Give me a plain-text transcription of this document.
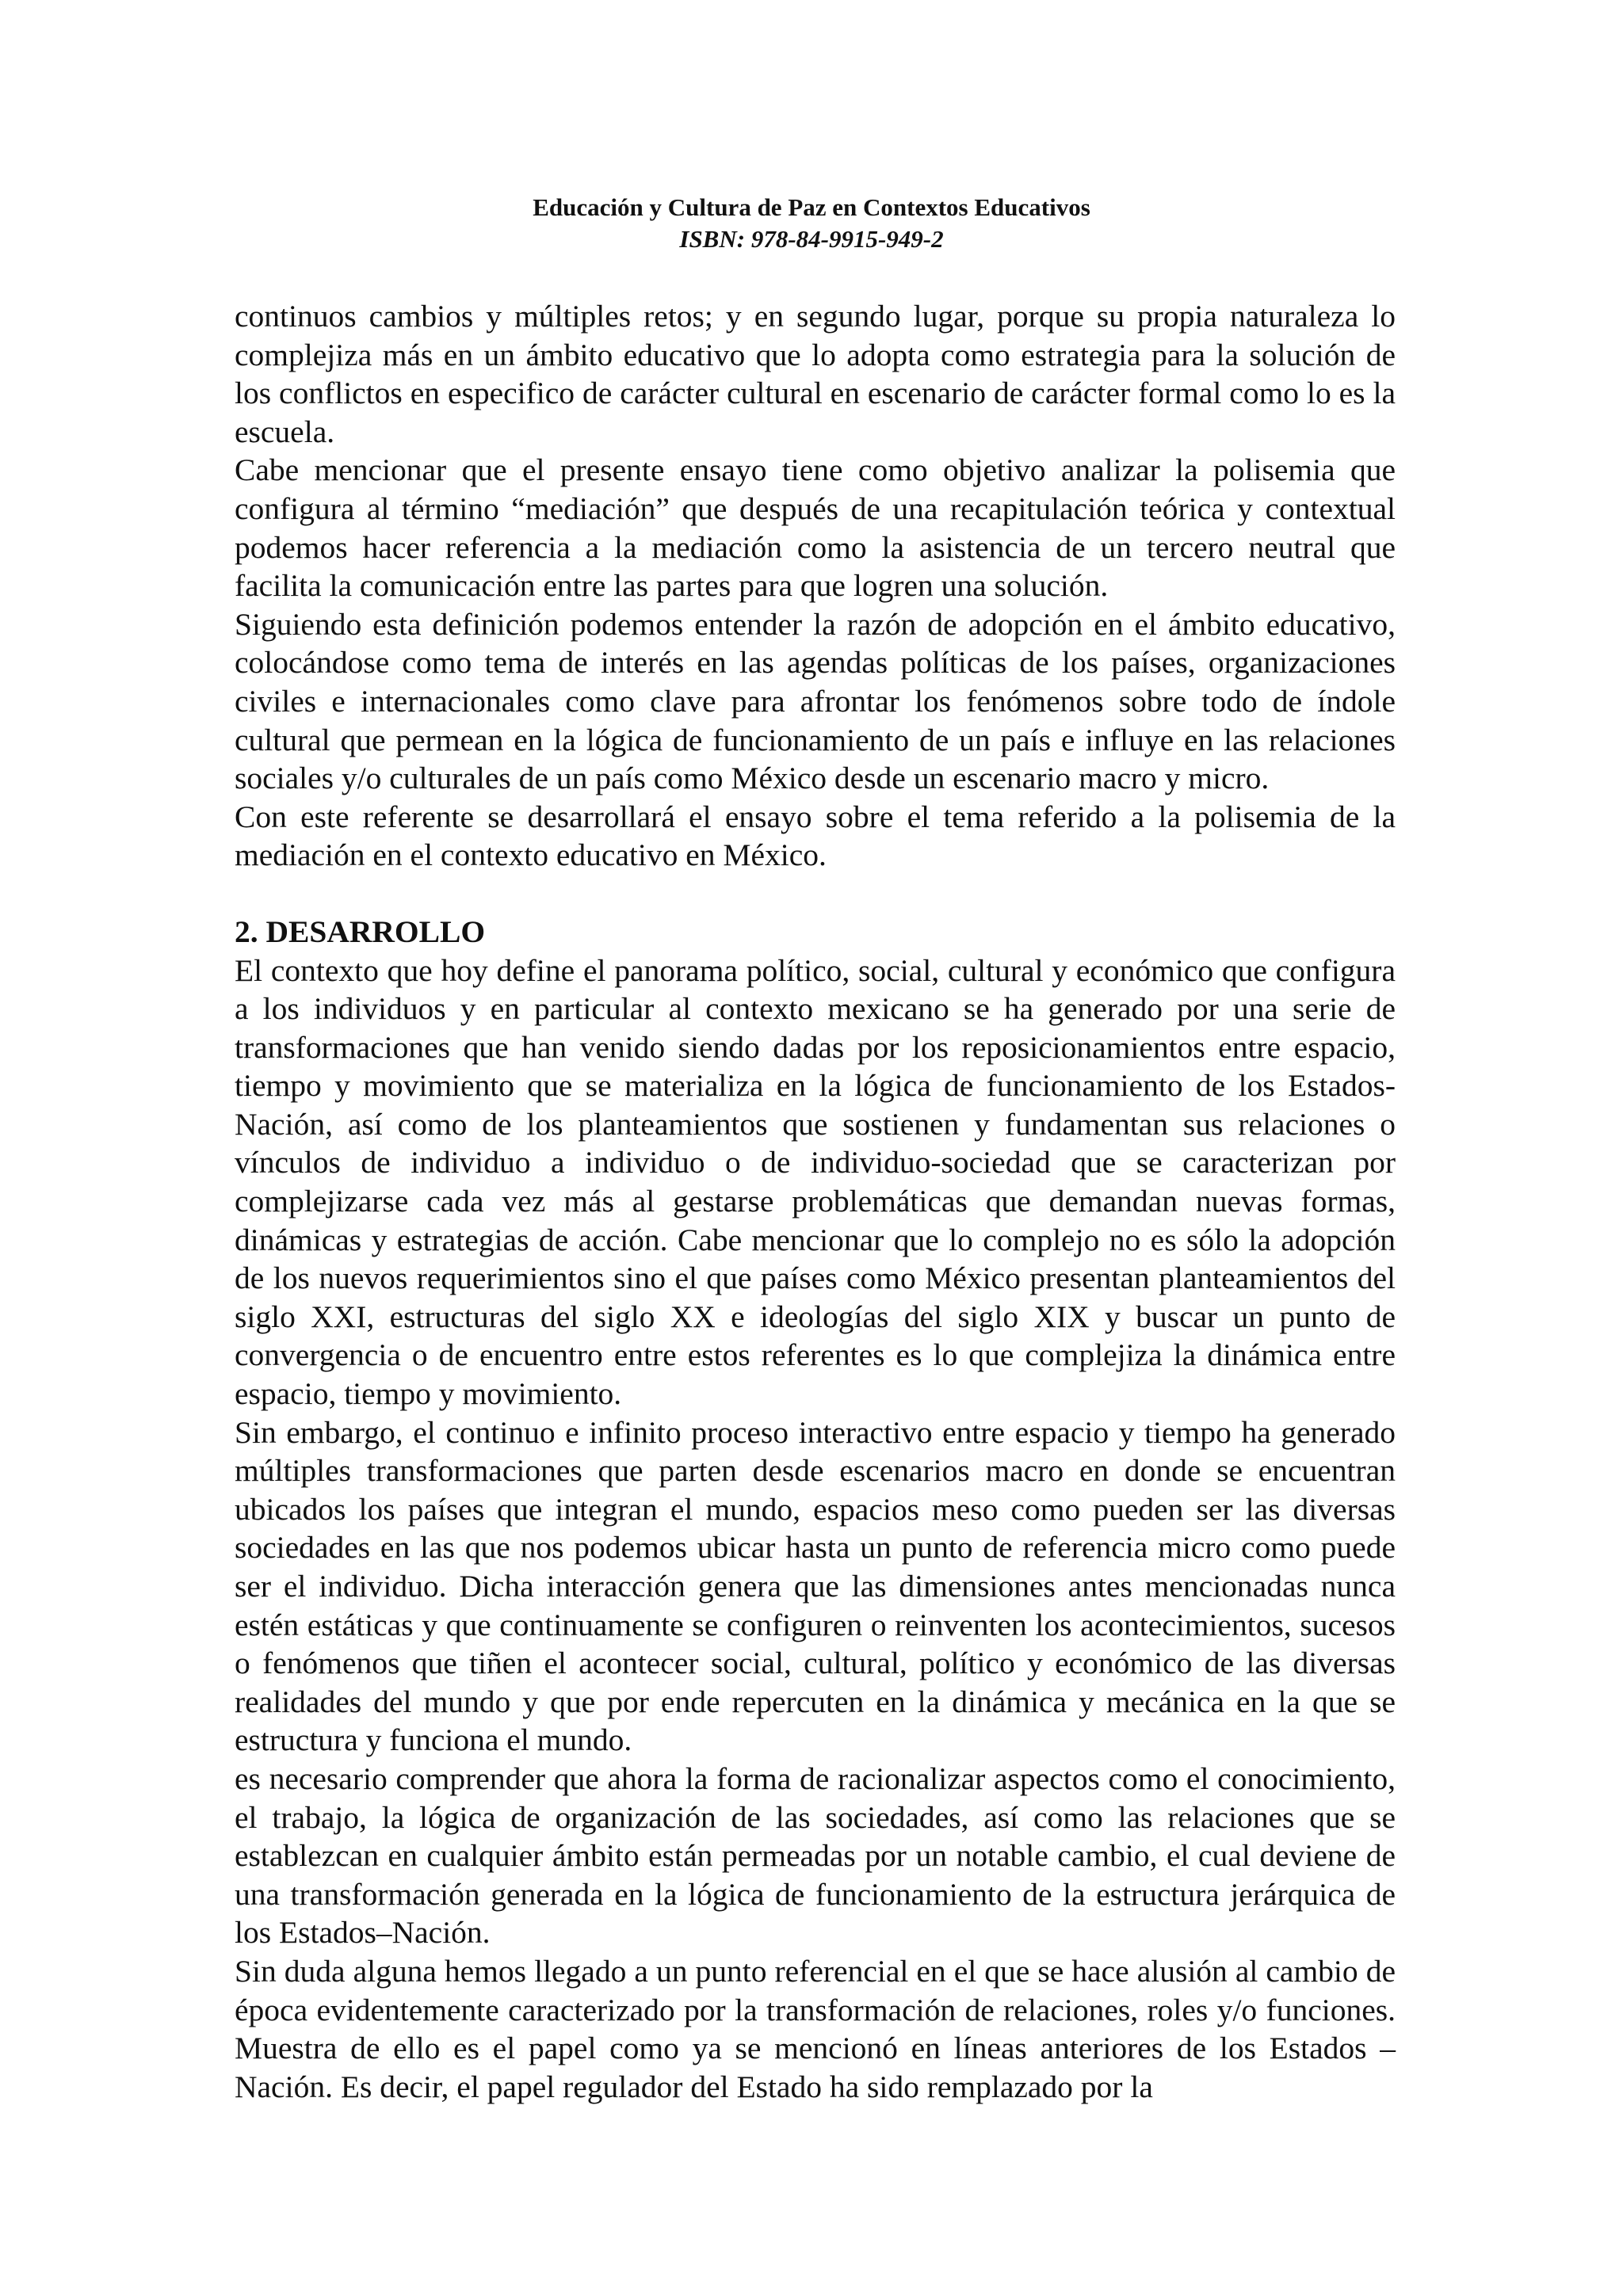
Educación y Cultura de Paz en Contextos Educativos

ISBN: 978-84-9915-949-2

continuos cambios y múltiples retos; y en segundo lugar, porque su propia naturaleza lo complejiza más en un ámbito educativo que lo adopta como estrategia para la solución de los conflictos en especifico de carácter cultural en escenario de carácter formal como lo es la escuela.

Cabe mencionar que el presente ensayo tiene como objetivo analizar la polisemia que configura al término “mediación” que después de una recapitulación teórica y contextual podemos hacer referencia a la mediación como la asistencia de un tercero neutral que facilita la comunicación entre las partes para que logren una solución.

Siguiendo esta definición podemos entender la razón de adopción en el ámbito educativo, colocándose como tema de interés en las agendas políticas de los países, organizaciones civiles e internacionales como clave para afrontar los fenómenos sobre todo de índole cultural que permean en la lógica de funcionamiento de un país e influye en las relaciones sociales y/o culturales de un país como México desde un escenario macro y micro.

Con este referente se desarrollará el ensayo sobre el tema referido a la polisemia de la mediación en el contexto educativo en México.

2. DESARROLLO

El contexto que hoy define el panorama político, social, cultural y económico que configura a los individuos y en particular al contexto mexicano se ha generado por una serie de transformaciones que han venido siendo dadas por los reposicionamientos entre espacio, tiempo y movimiento que se materializa en la lógica de funcionamiento de los Estados-Nación, así como de los planteamientos que sostienen y fundamentan sus relaciones o vínculos de individuo a individuo o de individuo-sociedad que se caracterizan por complejizarse cada vez más al gestarse problemáticas que demandan nuevas formas, dinámicas y estrategias de acción. Cabe mencionar que lo complejo no es sólo la adopción de los nuevos requerimientos sino el que países como México presentan planteamientos del siglo XXI, estructuras del siglo XX e ideologías del siglo XIX y buscar un punto de convergencia o de encuentro entre estos referentes es lo que complejiza la dinámica entre espacio, tiempo y movimiento.

Sin embargo, el continuo e infinito proceso interactivo entre espacio y tiempo ha generado múltiples transformaciones que parten desde escenarios macro en donde se encuentran ubicados los países que integran el mundo, espacios meso como pueden ser las diversas sociedades en las que nos podemos ubicar hasta un punto de referencia micro como puede ser el individuo. Dicha interacción genera que las dimensiones antes mencionadas nunca estén estáticas y que continuamente se configuren o reinventen los acontecimientos, sucesos o fenómenos que tiñen el acontecer social, cultural, político y económico de las diversas realidades del mundo y que por ende repercuten en la dinámica y mecánica en la que se estructura y funciona el mundo.

es necesario comprender que ahora la forma de racionalizar aspectos como el conocimiento, el trabajo, la lógica de organización de las sociedades, así como las relaciones que se establezcan en cualquier ámbito están permeadas por un notable cambio, el cual deviene de una transformación generada en la lógica de funcionamiento de la estructura jerárquica de los Estados–Nación.

Sin duda alguna hemos llegado a un punto referencial en el que se hace alusión al cambio de época evidentemente caracterizado por la transformación de relaciones, roles y/o funciones. Muestra de ello es el papel como ya se mencionó en líneas anteriores de los Estados – Nación. Es decir, el papel regulador del Estado ha sido remplazado por la
